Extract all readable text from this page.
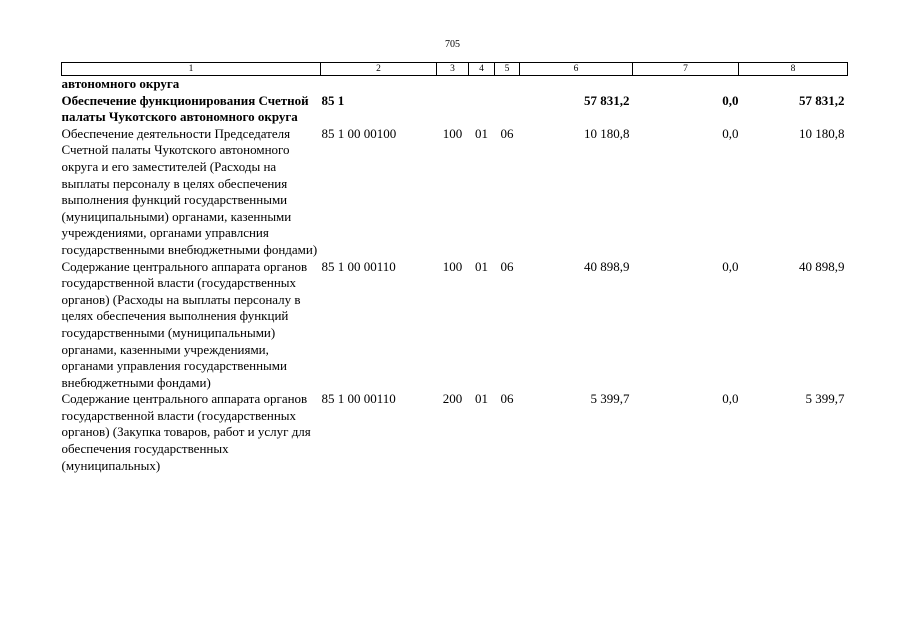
705
1	2	3	4	5	6	7	8
автономного округа							
Обеспечение функционирования Счетной палаты Чукотского автономного округа	85 1				57 831,2	0,0	57 831,2
Обеспечение деятельности Председателя Счетной палаты Чукотского автономного округа и его заместителей (Расходы на выплаты персоналу в целях обеспечения выполнения функций государственными (муниципальными) органами, казенными учреждениями, органами управлсния государственными внебюджетными фондами)	85 1 00 00100	100	01	06	10 180,8	0,0	10 180,8
Содержание центрального аппарата органов государственной власти (государственных органов) (Расходы на выплаты персоналу в целях обеспечения выполнения функций государственными (муниципальными) органами, казенными учреждениями, органами управления государственными внебюджетными фондами)	85 1 00 00110	100	01	06	40 898,9	0,0	40 898,9
Содержание центрального аппарата органов государственной власти (государственных органов) (Закупка товаров, работ и услуг для обеспечения государственных (муниципальных)	85 1 00 00110	200	01	06	5 399,7	0,0	5 399,7
